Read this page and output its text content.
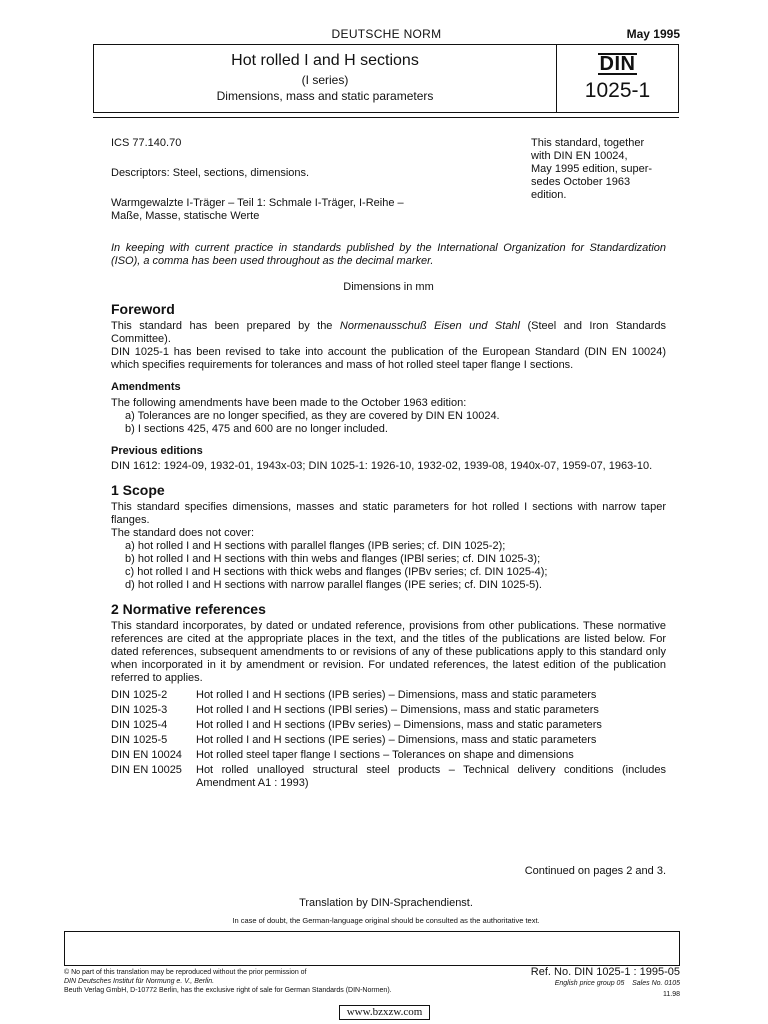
DEUTSCHE NORM	May 1995
Hot rolled I and H sections
(I series)
Dimensions, mass and static parameters
DIN
1025-1

ICS 77.140.70

Descriptors: Steel, sections, dimensions.

Warmgewalzte I-Träger – Teil 1: Schmale I-Träger, I-Reihe –

Maße, Masse, statische Werte

This standard, together
with DIN EN 10024,
May 1995 edition, super-
sedes October 1963
edition.

In keeping with current practice in standards published by the International Organization for Standardization (ISO), a comma has been used throughout as the decimal marker.

Dimensions in mm

Foreword

This standard has been prepared by the Normenausschuß Eisen und Stahl (Steel and Iron Standards Committee).

DIN 1025-1 has been revised to take into account the publication of the European Standard (DIN EN 10024) which specifies requirements for tolerances and mass of hot rolled steel taper flange I sections.

Amendments

The following amendments have been made to the October 1963 edition:

a) Tolerances are no longer specified, as they are covered by DIN EN 10024.

b) I sections 425, 475 and 600 are no longer included.

Previous editions

DIN 1612: 1924-09, 1932-01, 1943x-03; DIN 1025-1: 1926-10, 1932-02, 1939-08, 1940x-07, 1959-07, 1963-10.

1 Scope

This standard specifies dimensions, masses and static parameters for hot rolled I sections with narrow taper flanges.

The standard does not cover:

a) hot rolled I and H sections with parallel flanges (IPB series; cf. DIN 1025-2);

b) hot rolled I and H sections with thin webs and flanges (IPBl series; cf. DIN 1025-3);

c) hot rolled I and H sections with thick webs and flanges (IPBv series; cf. DIN 1025-4);

d) hot rolled I and H sections with narrow parallel flanges (IPE series; cf. DIN 1025-5).

2 Normative references

This standard incorporates, by dated or undated reference, provisions from other publications. These normative references are cited at the appropriate places in the text, and the titles of the publications are listed below. For dated references, subsequent amendments to or revisions of any of these publications apply to this standard only when incorporated in it by amendment or revision. For undated references, the latest edition of the publication referred to applies.

DIN 1025-2	Hot rolled I and H sections (IPB series) – Dimensions, mass and static parameters
DIN 1025-3	Hot rolled I and H sections (IPBl series) – Dimensions, mass and static parameters
DIN 1025-4	Hot rolled I and H sections (IPBv series) – Dimensions, mass and static parameters
DIN 1025-5	Hot rolled I and H sections (IPE series) – Dimensions, mass and static parameters
DIN EN 10024	Hot rolled steel taper flange I sections – Tolerances on shape and dimensions
DIN EN 10025	Hot rolled unalloyed structural steel products – Technical delivery conditions (includes Amendment A1 : 1993)
Continued on pages 2 and 3.
Translation by DIN-Sprachendienst.
In case of doubt, the German-language original should be consulted as the authoritative text.
© No part of this translation may be reproduced without the prior permission of
DIN Deutsches Institut für Normung e. V., Berlin.
Beuth Verlag GmbH, D-10772 Berlin, has the exclusive right of sale for German Standards (DIN-Normen).
Ref. No. DIN 1025-1 : 1995-05
English price group 05 Sales No. 0105
11.98
www.bzxzw.com
